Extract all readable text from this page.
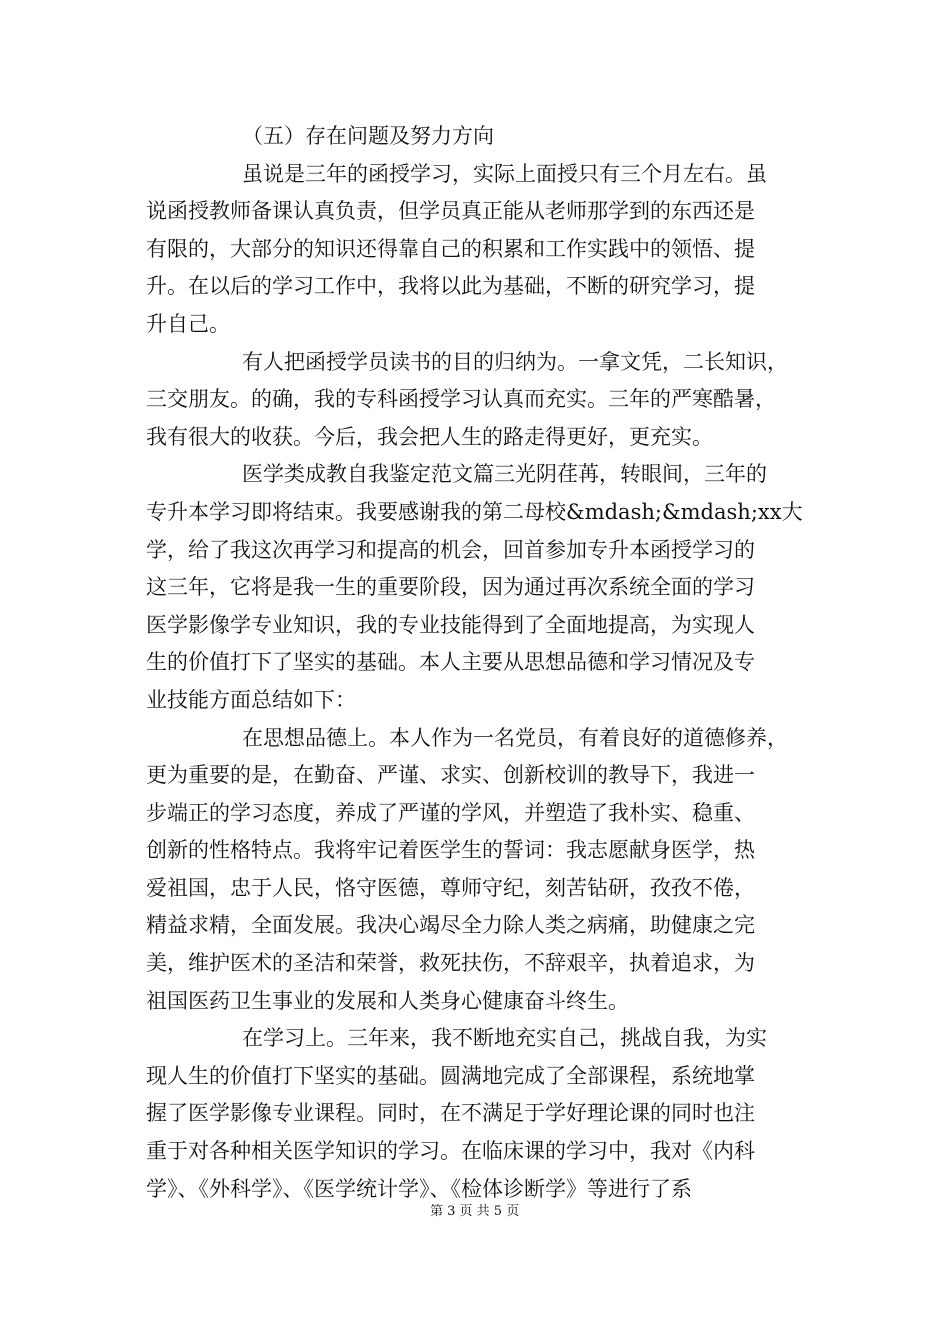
（五）存在问题及努力方向
虽说是三年的函授学习，实际上面授只有三个月左右。虽
说函授教师备课认真负责，但学员真正能从老师那学到的东西还是
有限的，大部分的知识还得靠自己的积累和工作实践中的领悟、提
升。在以后的学习工作中，我将以此为基础，不断的研究学习，提
升自己。
有人把函授学员读书的目的归纳为。一拿文凭，二长知识，
三交朋友。的确，我的专科函授学习认真而充实。三年的严寒酷暑，
我有很大的收获。今后，我会把人生的路走得更好，更充实。
医学类成教自我鉴定范文篇三光阴荏苒，转眼间，三年的
专升本学习即将结束。我要感谢我的第二母校&mdash;&mdash;xx大
学，给了我这次再学习和提高的机会，回首参加专升本函授学习的
这三年，它将是我一生的重要阶段，因为通过再次系统全面的学习
医学影像学专业知识，我的专业技能得到了全面地提高，为实现人
生的价值打下了坚实的基础。本人主要从思想品德和学习情况及专
业技能方面总结如下：
在思想品德上。本人作为一名党员，有着良好的道德修养，
更为重要的是，在勤奋、严谨、求实、创新校训的教导下，我进一
步端正的学习态度，养成了严谨的学风，并塑造了我朴实、稳重、
创新的性格特点。我将牢记着医学生的誓词：我志愿献身医学，热
爱祖国，忠于人民，恪守医德，尊师守纪，刻苦钻研，孜孜不倦，
精益求精，全面发展。我决心竭尽全力除人类之病痛，助健康之完
美，维护医术的圣洁和荣誉，救死扶伤，不辞艰辛，执着追求，为
祖国医药卫生事业的发展和人类身心健康奋斗终生。
在学习上。三年来，我不断地充实自己，挑战自我，为实
现人生的价值打下坚实的基础。圆满地完成了全部课程，系统地掌
握了医学影像专业课程。同时，在不满足于学好理论课的同时也注
重于对各种相关医学知识的学习。在临床课的学习中，我对《内科
学》、《外科学》、《医学统计学》、《检体诊断学》等进行了系
第 3 页 共 5 页
